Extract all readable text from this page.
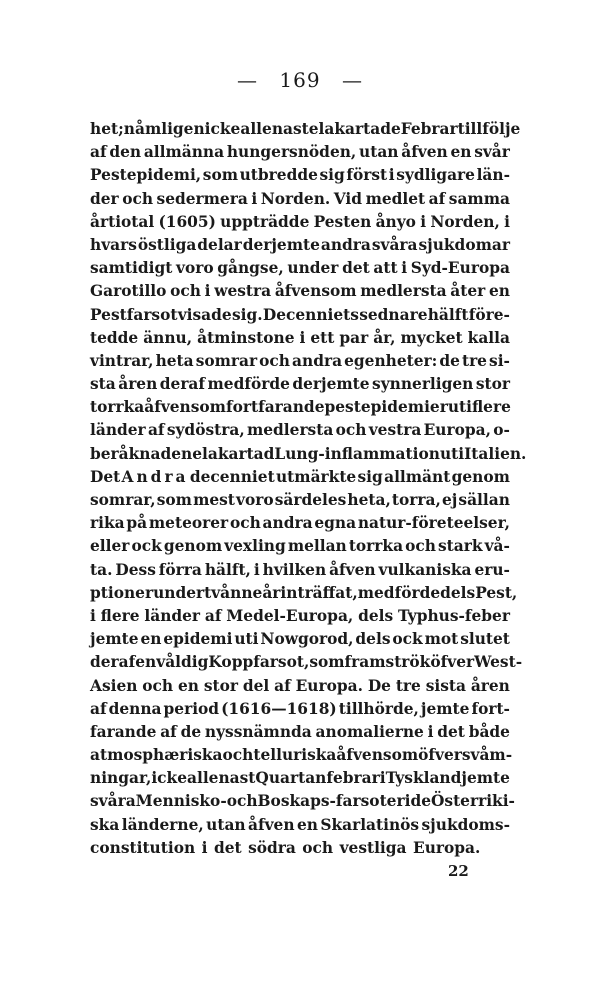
— 169 —
het; nåmligen icke allenast elakartade Febrar till följe
af den allmänna hungersnöden, utan åfven en svår
Pestepidemi, som utbredde sig först i sydligare län-
der och sedermera i Norden. Vid medlet af samma
årtiotal (1605) uppträdde Pesten ånyo i Norden, i
hvars östliga delar derjemte andra svåra sjukdomar
samtidigt voro gångse, under det att i Syd-Europa
Garotillo och i westra åfvensom medlersta åter en
Pestfarsot visade sig. Decenniets sednare hälft före-
tedde ännu, åtminstone i ett par år, mycket kalla
vintrar, heta somrar och andra egenheter: de tre si-
sta åren deraf medförde derjemte synnerligen stor
torrka åfvensom fortfarande pestepidemier uti flere
länder af sydöstra, medlersta och vestra Europa, o-
beråknad en elakartad Lung-inflammation uti Italien.
Det Andra decenniet utmärkte sig allmänt genom
somrar, som mest voro särdeles heta, torra, ej sällan
rika på meteorer och andra egna natur-företeelser,
eller ock genom vexling mellan torrka och stark vå-
ta. Dess förra hälft, i hvilken åfven vulkaniska eru-
ptioner under tvånne år inträffat, medförde dels Pest,
i flere länder af Medel-Europa, dels Typhus-feber
jemte en epidemi uti Nowgorod, dels ock mot slutet
deraf en våldig Koppfarsot, som framströk öfver West-
Asien och en stor del af Europa. De tre sista åren
af denna period (1616—1618) tillhörde, jemte fort-
farande af de nyssnämnda anomalierne i det både
atmosphæriska och telluriska åfvensom öfversvåm-
ningar, icke allenast Quartanfebrar i Tyskland jemte
svåra Mennisko- och Boskaps-farsoter i de Österriki-
ska länderne, utan åfven en Skarlatinös sjukdoms-
constitution i det södra och vestliga Europa.
22
